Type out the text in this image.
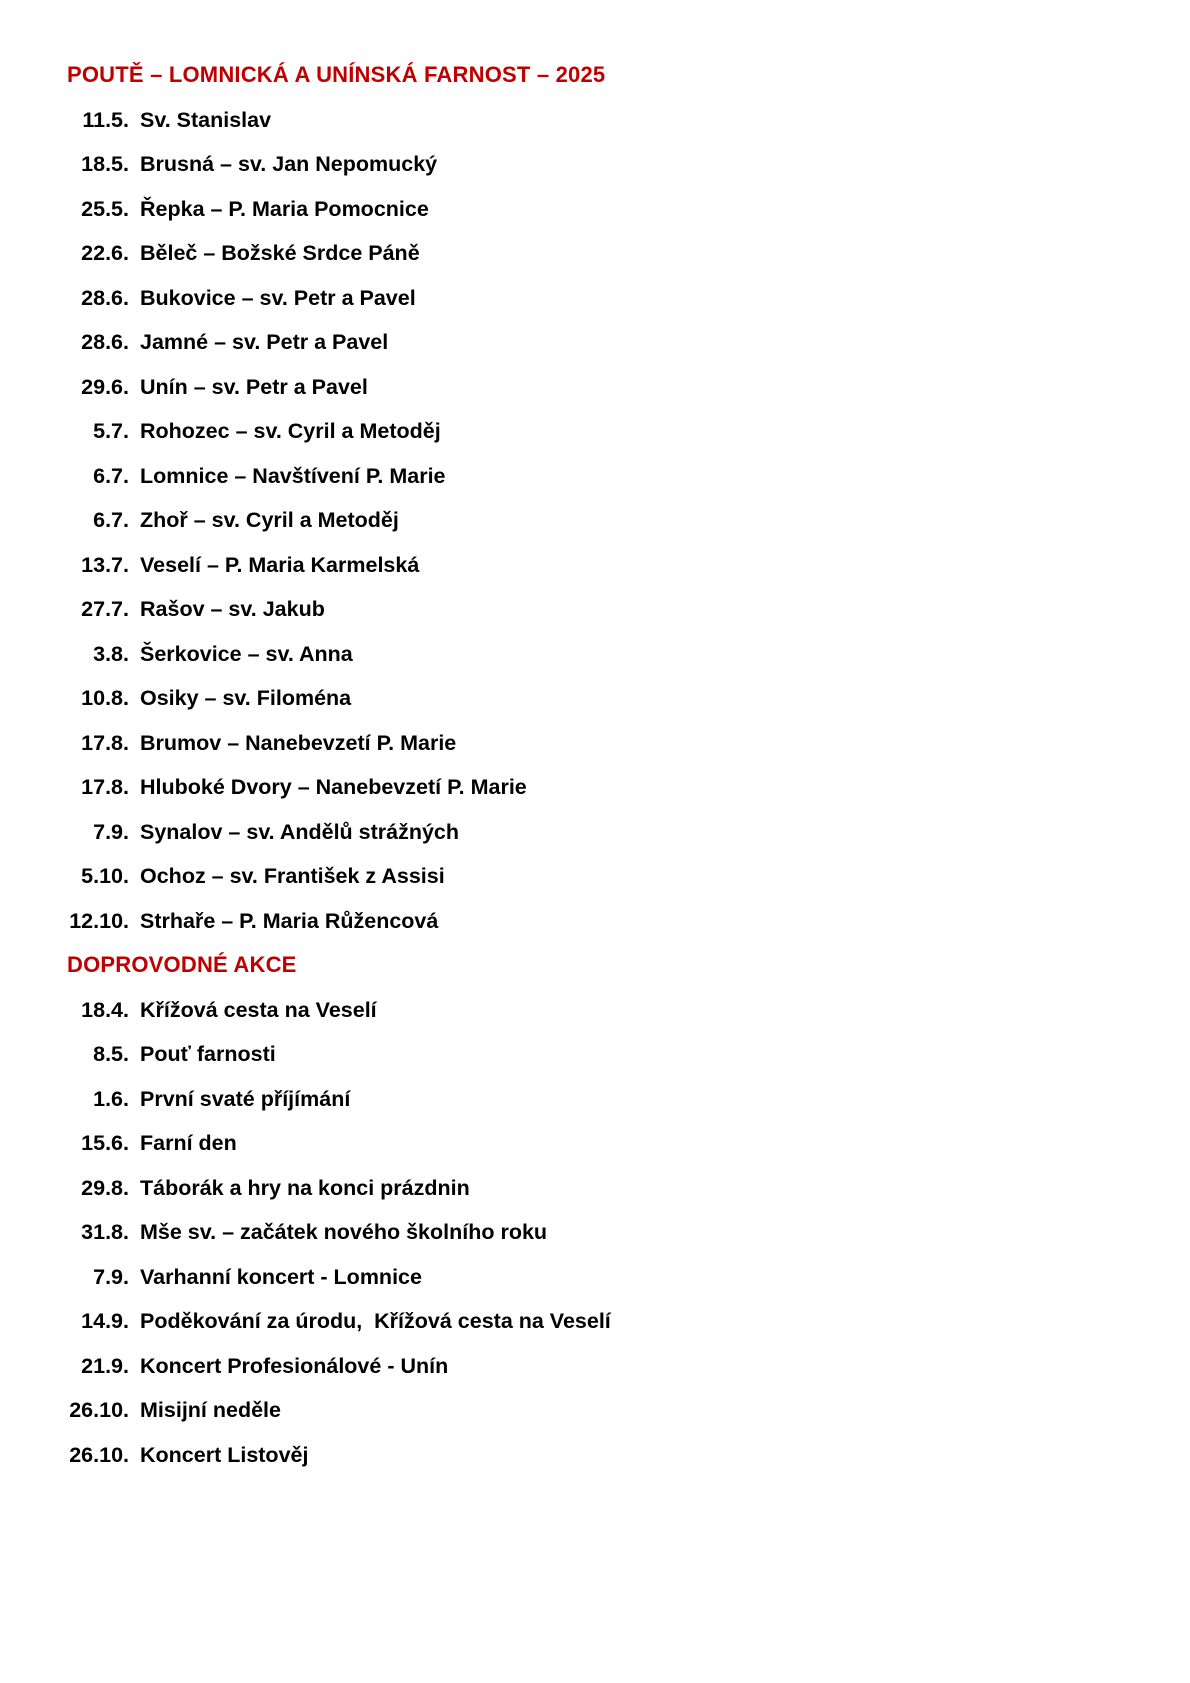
POUTĚ – LOMNICKÁ A UNÍNSKÁ FARNOST – 2025
11.5. Sv. Stanislav
18.5. Brusná – sv. Jan Nepomucký
25.5. Řepka – P. Maria Pomocnice
22.6. Běleč – Božské Srdce Páně
28.6. Bukovice – sv. Petr a Pavel
28.6. Jamné – sv. Petr a Pavel
29.6. Unín – sv. Petr a Pavel
5.7. Rohozec – sv. Cyril a Metoděj
6.7. Lomnice – Navštívení P. Marie
6.7. Zhoř – sv. Cyril a Metoděj
13.7. Veselí – P. Maria Karmelská
27.7. Rašov – sv. Jakub
3.8. Šerkovice – sv. Anna
10.8. Osiky – sv. Filoména
17.8. Brumov – Nanebevzetí P. Marie
17.8. Hluboké Dvory – Nanebevzetí P. Marie
7.9. Synalov – sv. Andělů strážných
5.10. Ochoz – sv. František z Assisi
12.10. Strhaře – P. Maria Růžencová
DOPROVODNÉ AKCE
18.4. Křížová cesta na Veselí
8.5. Pouť farnosti
1.6. První svaté příjímání
15.6. Farní den
29.8. Táborák a hry na konci prázdnin
31.8. Mše sv. – začátek nového školního roku
7.9. Varhanní koncert - Lomnice
14.9. Poděkování za úrodu,  Křížová cesta na Veselí
21.9. Koncert Profesionálové - Unín
26.10. Misijní neděle
26.10. Koncert Listověj
